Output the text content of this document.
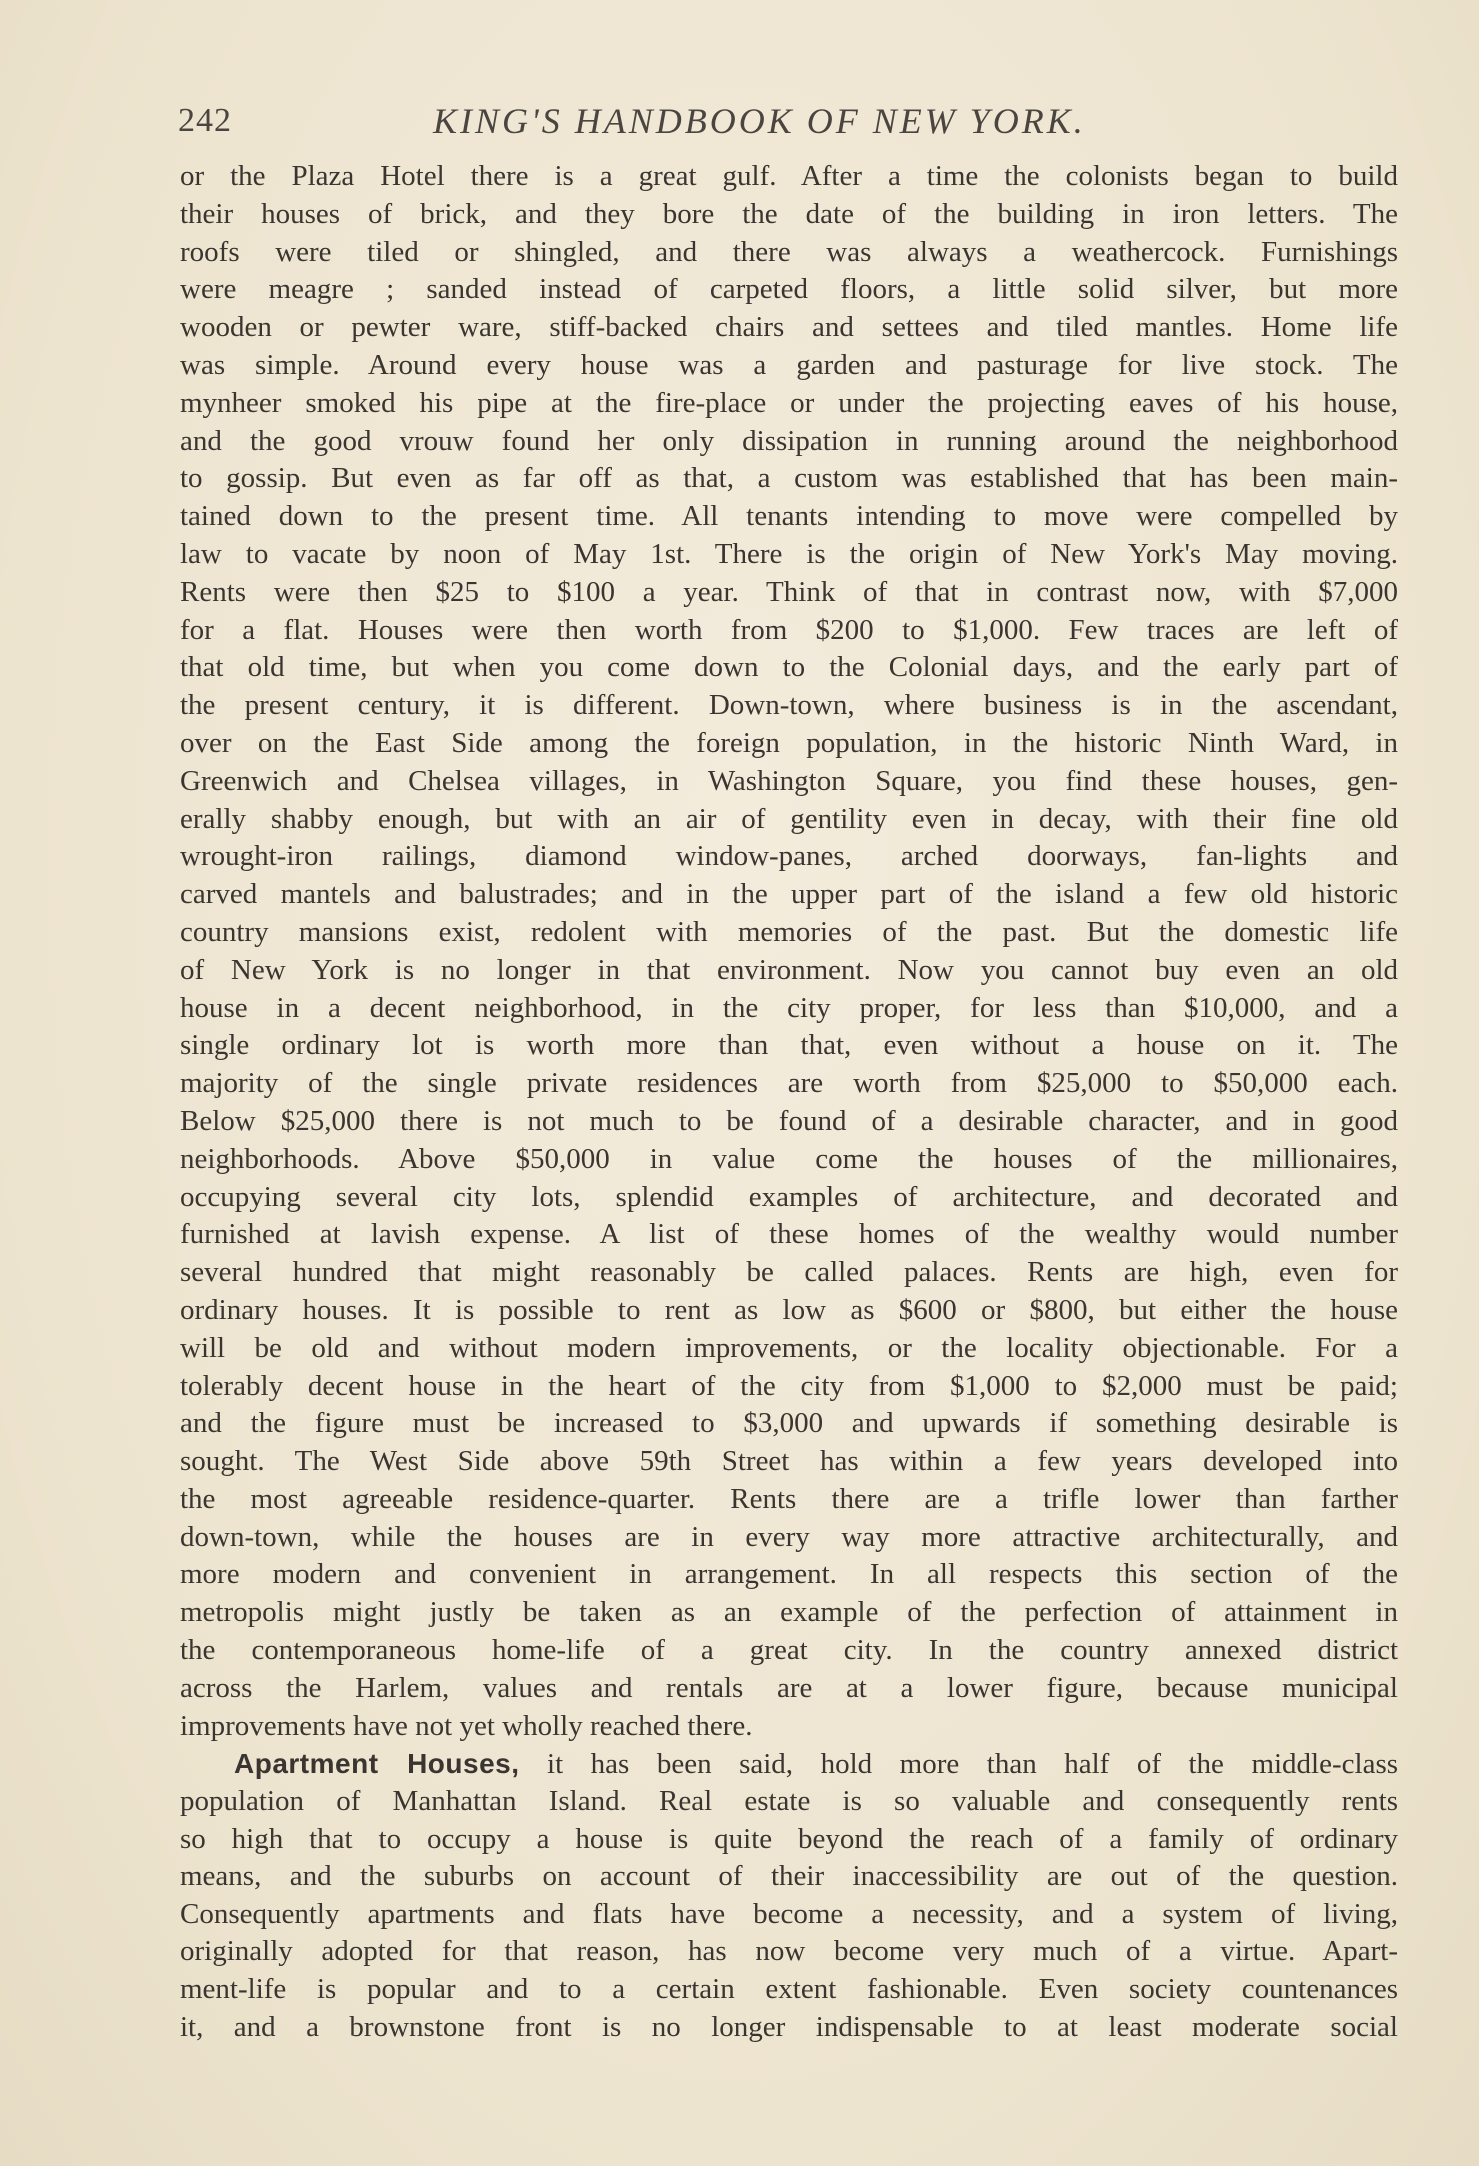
242	KING'S HANDBOOK OF NEW YORK.
or the Plaza Hotel there is a great gulf. After a time the colonists began to build
their houses of brick, and they bore the date of the building in iron letters. The
roofs were tiled or shingled, and there was always a weathercock. Furnishings
were meagre ; sanded instead of carpeted floors, a little solid silver, but more
wooden or pewter ware, stiff-backed chairs and settees and tiled mantles. Home life
was simple. Around every house was a garden and pasturage for live stock. The
mynheer smoked his pipe at the fire-place or under the projecting eaves of his house,
and the good vrouw found her only dissipation in running around the neighborhood
to gossip. But even as far off as that, a custom was established that has been main-
tained down to the present time. All tenants intending to move were compelled by
law to vacate by noon of May 1st. There is the origin of New York's May moving.
Rents were then $25 to $100 a year. Think of that in contrast now, with $7,000
for a flat. Houses were then worth from $200 to $1,000. Few traces are left of
that old time, but when you come down to the Colonial days, and the early part of
the present century, it is different. Down-town, where business is in the ascendant,
over on the East Side among the foreign population, in the historic Ninth Ward, in
Greenwich and Chelsea villages, in Washington Square, you find these houses, gen-
erally shabby enough, but with an air of gentility even in decay, with their fine old
wrought-iron railings, diamond window-panes, arched doorways, fan-lights and
carved mantels and balustrades; and in the upper part of the island a few old historic
country mansions exist, redolent with memories of the past. But the domestic life
of New York is no longer in that environment. Now you cannot buy even an old
house in a decent neighborhood, in the city proper, for less than $10,000, and a
single ordinary lot is worth more than that, even without a house on it. The
majority of the single private residences are worth from $25,000 to $50,000 each.
Below $25,000 there is not much to be found of a desirable character, and in good
neighborhoods. Above $50,000 in value come the houses of the millionaires,
occupying several city lots, splendid examples of architecture, and decorated and
furnished at lavish expense. A list of these homes of the wealthy would number
several hundred that might reasonably be called palaces. Rents are high, even for
ordinary houses. It is possible to rent as low as $600 or $800, but either the house
will be old and without modern improvements, or the locality objectionable. For a
tolerably decent house in the heart of the city from $1,000 to $2,000 must be paid;
and the figure must be increased to $3,000 and upwards if something desirable is
sought. The West Side above 59th Street has within a few years developed into
the most agreeable residence-quarter. Rents there are a trifle lower than farther
down-town, while the houses are in every way more attractive architecturally, and
more modern and convenient in arrangement. In all respects this section of the
metropolis might justly be taken as an example of the perfection of attainment in
the contemporaneous home-life of a great city. In the country annexed district
across the Harlem, values and rentals are at a lower figure, because municipal
improvements have not yet wholly reached there.
Apartment Houses, it has been said, hold more than half of the middle-class
population of Manhattan Island. Real estate is so valuable and consequently rents
so high that to occupy a house is quite beyond the reach of a family of ordinary
means, and the suburbs on account of their inaccessibility are out of the question.
Consequently apartments and flats have become a necessity, and a system of living,
originally adopted for that reason, has now become very much of a virtue. Apart-
ment-life is popular and to a certain extent fashionable. Even society countenances
it, and a brownstone front is no longer indispensable to at least moderate social
